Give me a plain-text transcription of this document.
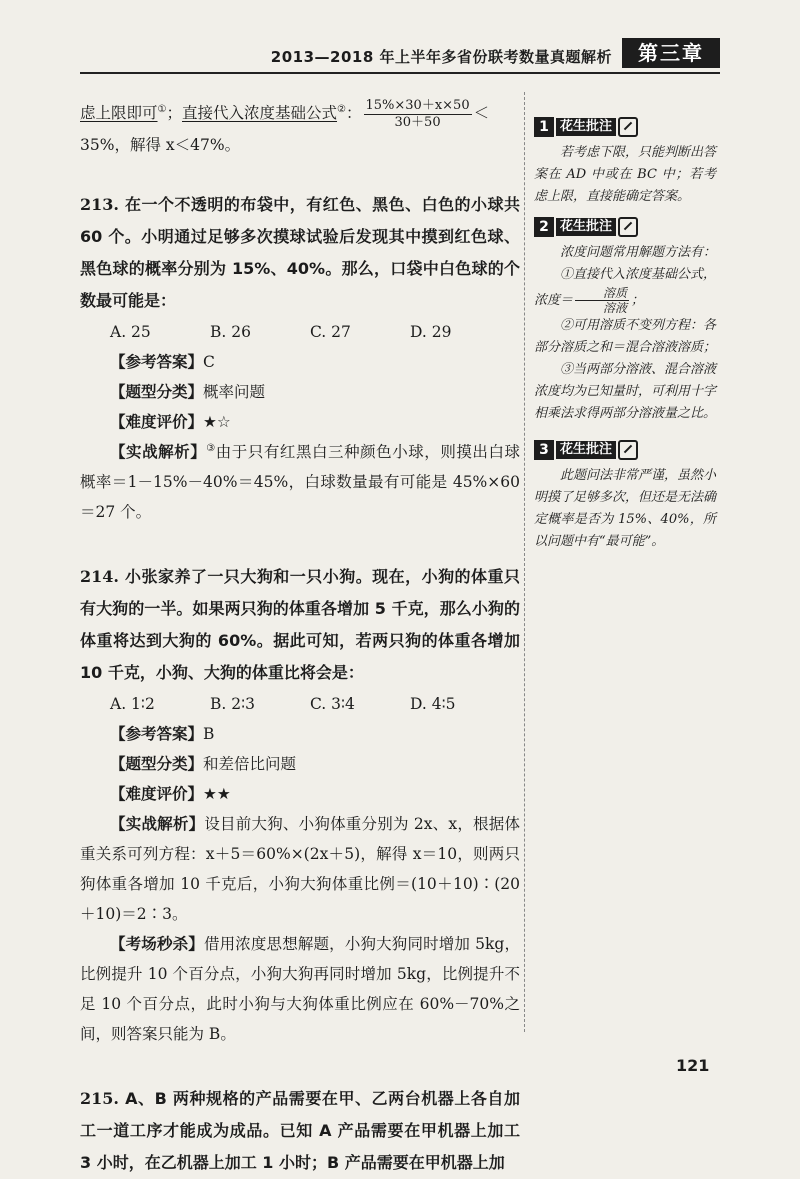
2013—2018 年上半年多省份联考数量真题解析	第三章

虑上限即可①；直接代入浓度基础公式②： $\frac{15\%\times 30+x\times 50}{30+50}$ ＜

35%，解得 x＜47%。

213. 在一个不透明的布袋中，有红色、黑色、白色的小球共 60 个。小明通过足够多次摸球试验后发现其中摸到红色球、黑色球的概率分别为 15%、40%。那么，口袋中白色球的个数最可能是：
A. 25	B. 26	C. 27	D. 29
【参考答案】C
【题型分类】概率问题
【难度评价】★☆

【实战解析】③由于只有红黑白三种颜色小球，则摸出白球概率＝1－15%－40%＝45%，白球数量最有可能是 45%×60＝27 个。

214. 小张家养了一只大狗和一只小狗。现在，小狗的体重只有大狗的一半。如果两只狗的体重各增加 5 千克，那么小狗的体重将达到大狗的 60%。据此可知，若两只狗的体重各增加 10 千克，小狗、大狗的体重比将会是：
A. 1∶2	B. 2∶3	C. 3∶4	D. 4∶5
【参考答案】B
【题型分类】和差倍比问题
【难度评价】★★

【实战解析】设目前大狗、小狗体重分别为 2x、x，根据体重关系可列方程：x＋5＝60%×(2x＋5)，解得 x＝10，则两只狗体重各增加 10 千克后，小狗大狗体重比例＝(10＋10)∶(20＋10)＝2∶3。

【考场秒杀】借用浓度思想解题，小狗大狗同时增加 5kg，比例提升 10 个百分点，小狗大狗再同时增加 5kg，比例提升不足 10 个百分点，此时小狗与大狗体重比例应在 60%－70%之间，则答案只能为 B。

215. A、B 两种规格的产品需要在甲、乙两台机器上各自加工一道工序才能成为成品。已知 A 产品需要在甲机器上加工 3 小时，在乙机器上加工 1 小时；B 产品需要在甲机器上加
1 花生批注

若考虑下限，只能判断出答案在 AD 中或在 BC 中；若考虑上限，直接能确定答案。

2 花生批注

浓度问题常用解题方法有：

①直接代入浓度基础公式，浓度＝ $\frac{\text{溶质}}{\text{溶液}}$ ；

②可用溶质不变列方程：各部分溶质之和＝混合溶液溶质；

③当两部分溶液、混合溶液浓度均为已知量时，可利用十字相乘法求得两部分溶液量之比。

3 花生批注

此题问法非常严谨，虽然小明摸了足够多次，但还是无法确定概率是否为 15%、40%，所以问题中有“最可能”。

121
